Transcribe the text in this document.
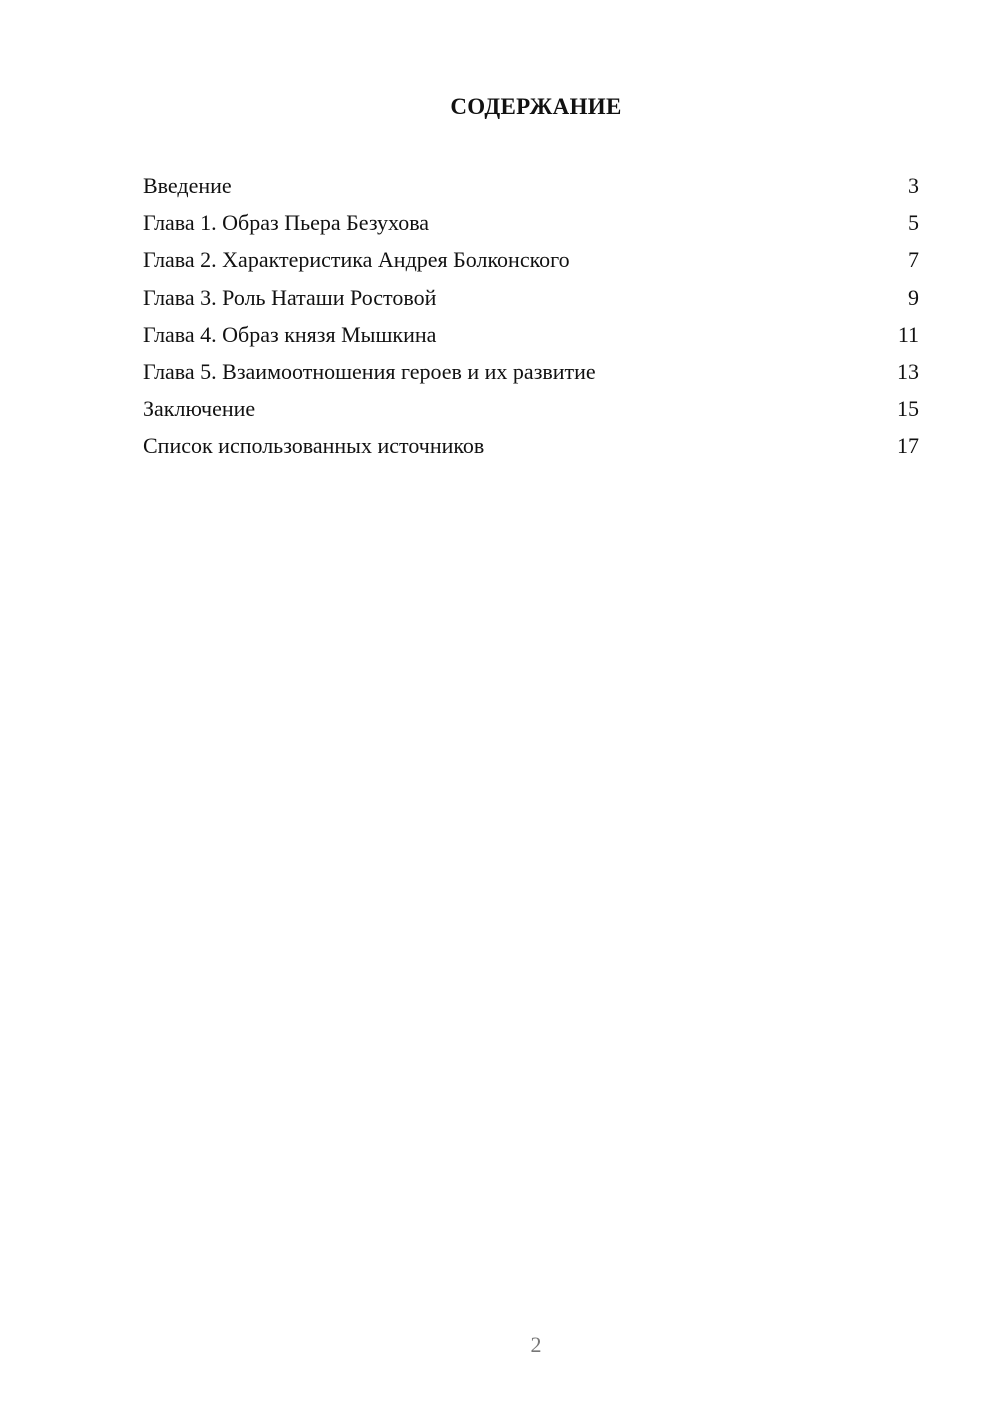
СОДЕРЖАНИЕ
Введение	3
Глава 1. Образ Пьера Безухова	5
Глава 2. Характеристика Андрея Болконского	7
Глава 3. Роль Наташи Ростовой	9
Глава 4. Образ князя Мышкина	11
Глава 5. Взаимоотношения героев и их развитие	13
Заключение	15
Список использованных источников	17
2
